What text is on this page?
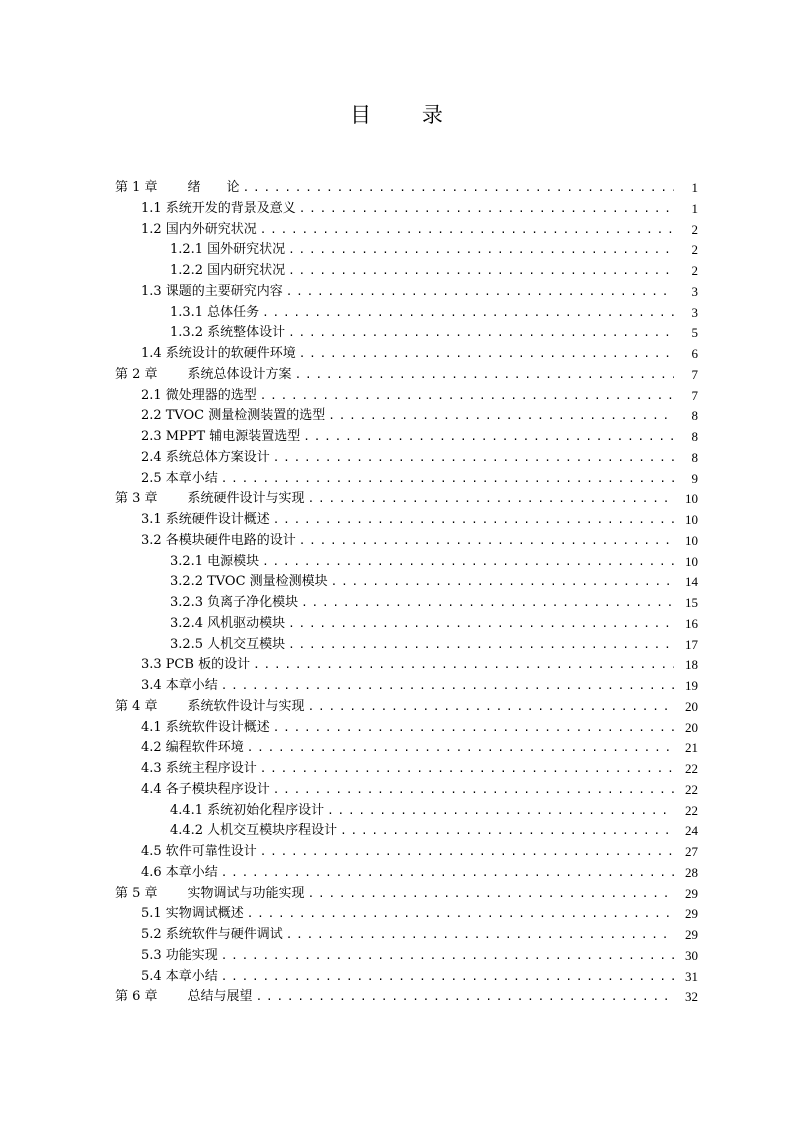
目 录
第 1 章 绪　　论 . . .	1
1.1 系统开发的背景及意义 . . .	1
1.2 国内外研究状况 . . .	2
1.2.1 国外研究状况 . . .	2
1.2.2 国内研究状况 . . .	2
1.3 课题的主要研究内容 . . .	3
1.3.1 总体任务 . . .	3
1.3.2 系统整体设计 . . .	5
1.4 系统设计的软硬件环境 . . .	6
第 2 章 系统总体设计方案 . . .	7
2.1 微处理器的选型 . . .	7
2.2 TVOC 测量检测装置的选型 . . .	8
2.3 MPPT 辅电源装置选型 . . .	8
2.4 系统总体方案设计 . . .	8
2.5 本章小结 . . .	9
第 3 章 系统硬件设计与实现 . . .	10
3.1 系统硬件设计概述 . . .	10
3.2 各模块硬件电路的设计 . . .	10
3.2.1 电源模块 . . .	10
3.2.2 TVOC 测量检测模块 . . .	14
3.2.3 负离子净化模块 . . .	15
3.2.4 风机驱动模块 . . .	16
3.2.5 人机交互模块 . . .	17
3.3 PCB 板的设计 . . .	18
3.4 本章小结 . . .	19
第 4 章 系统软件设计与实现 . . .	20
4.1 系统软件设计概述 . . .	20
4.2 编程软件环境 . . .	21
4.3 系统主程序设计 . . .	22
4.4 各子模块程序设计 . . .	22
4.4.1 系统初始化程序设计 . . .	22
4.4.2 人机交互模块序程设计 . . .	24
4.5 软件可靠性设计 . . .	27
4.6 本章小结 . . .	28
第 5 章 实物调试与功能实现 . . .	29
5.1 实物调试概述 . . .	29
5.2 系统软件与硬件调试 . . .	29
5.3 功能实现 . . .	30
5.4 本章小结 . . .	31
第 6 章 总结与展望 . . .	32
